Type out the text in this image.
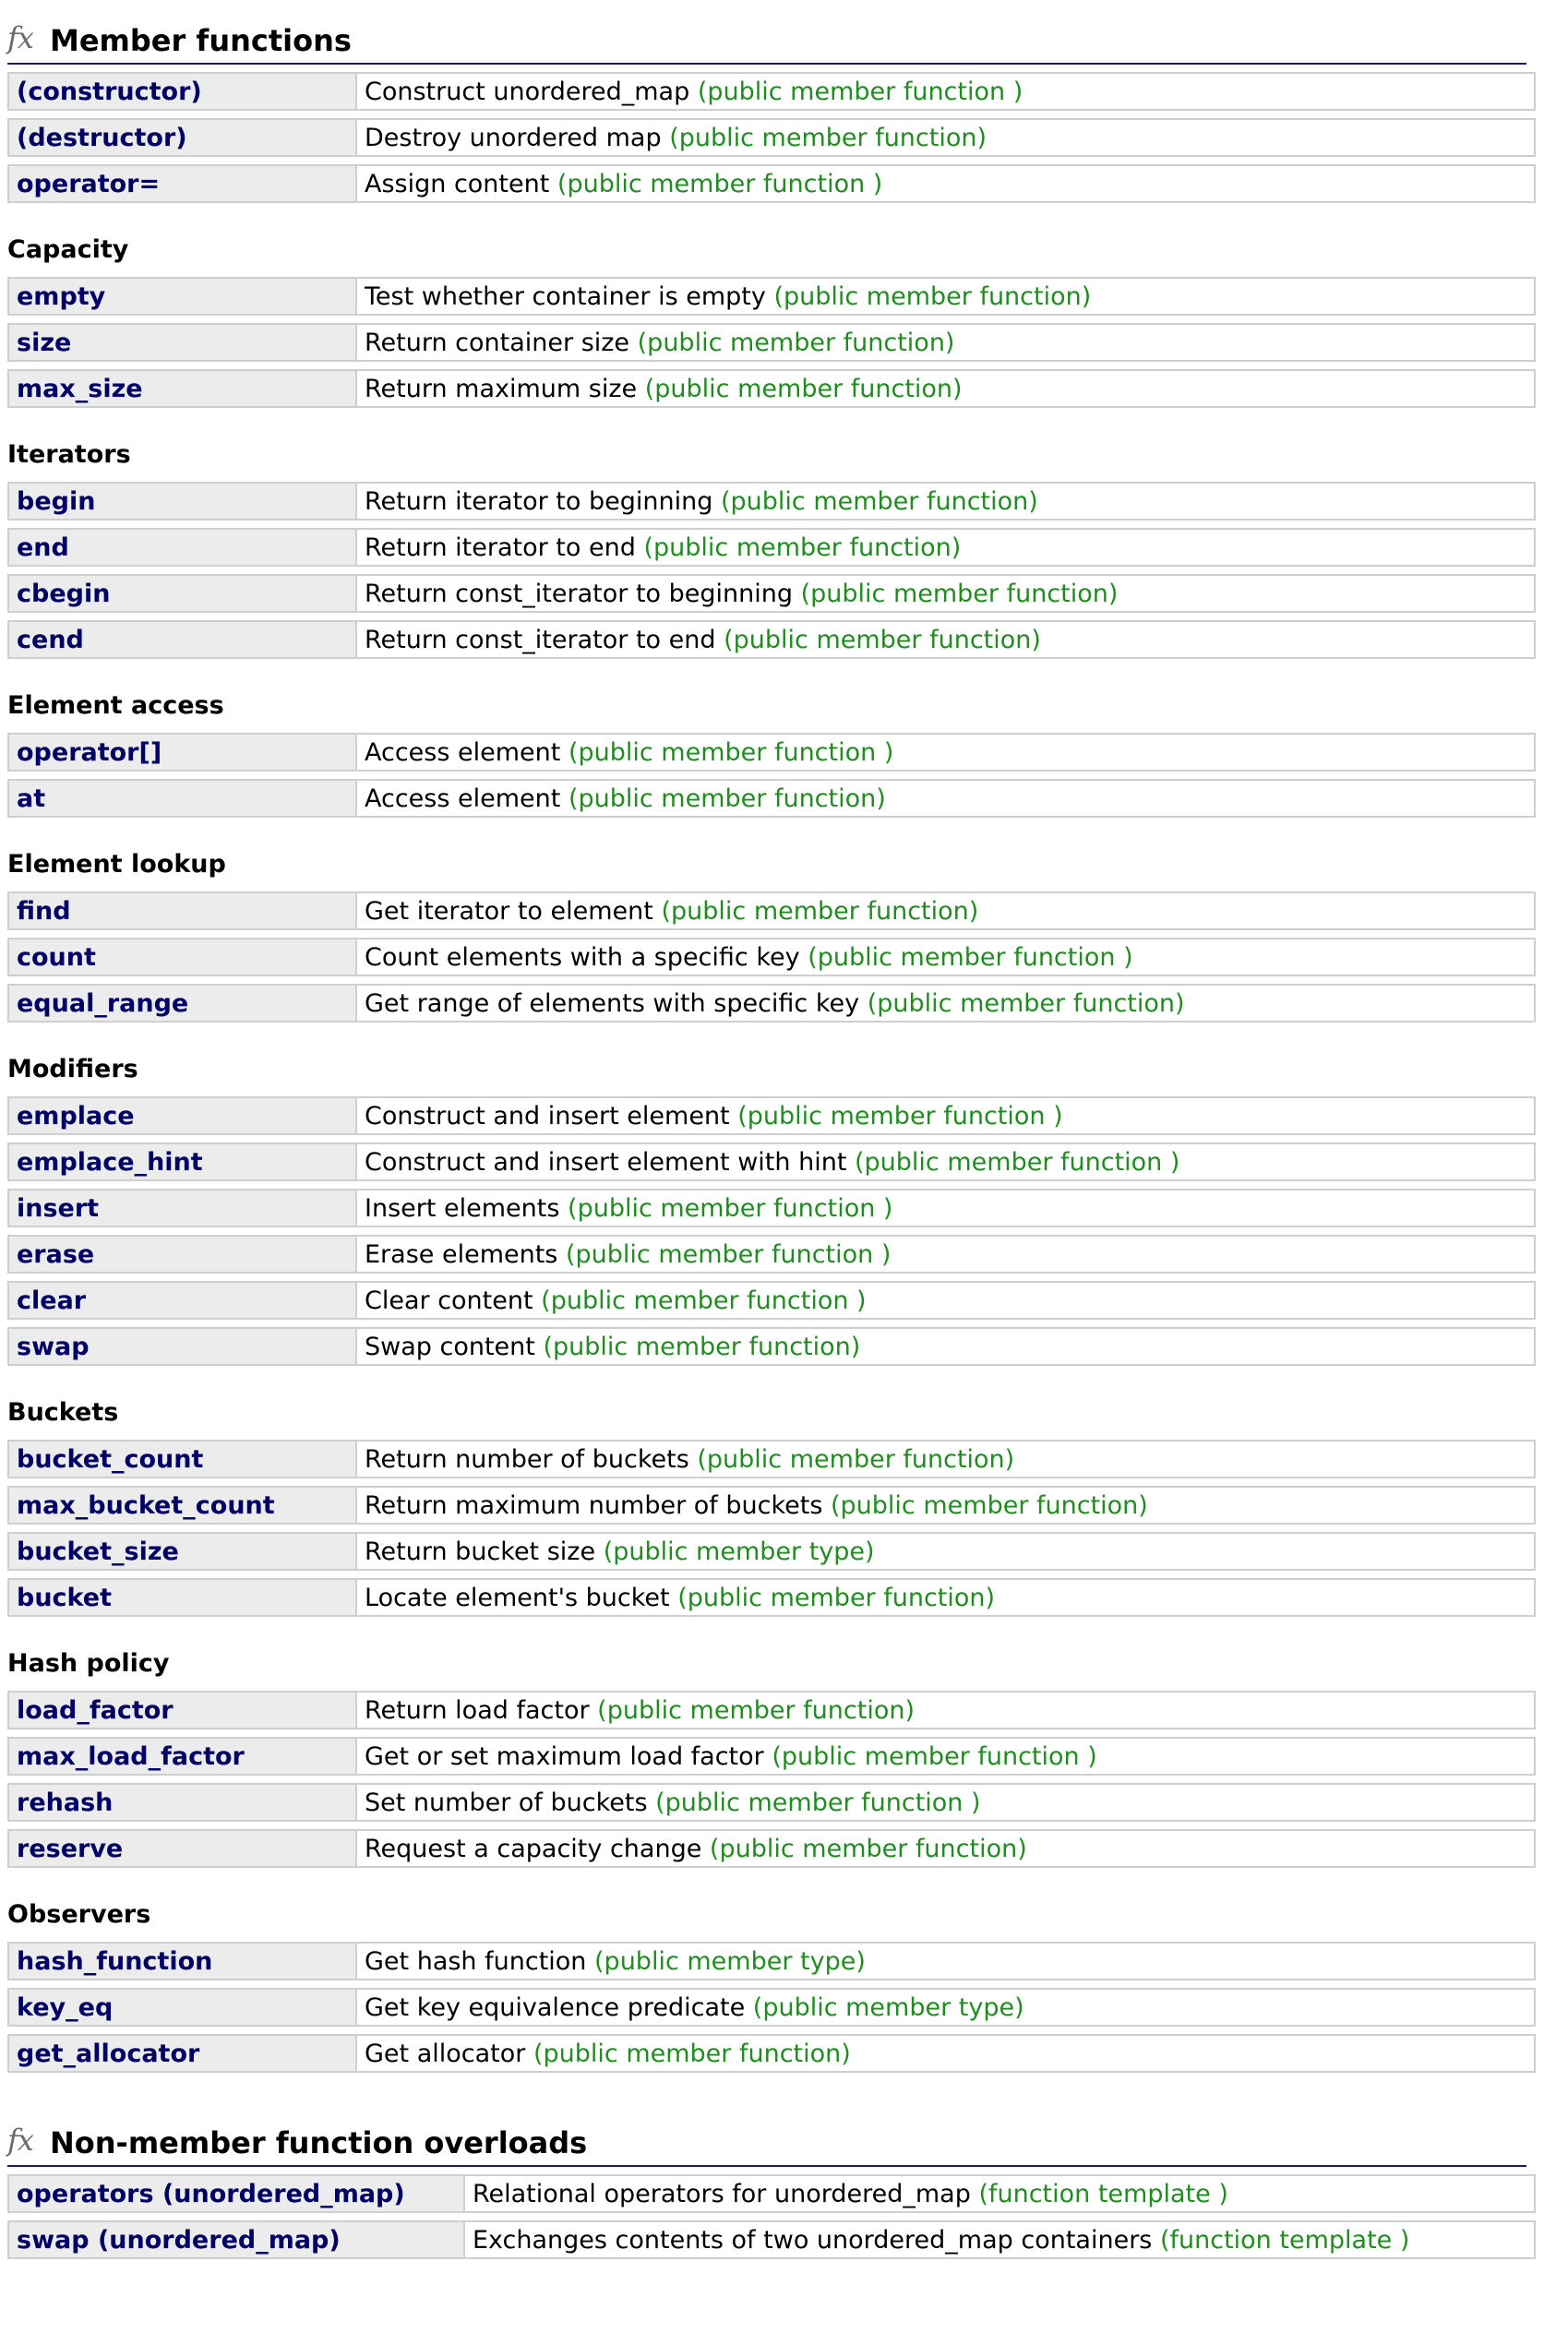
fx Member functions
(constructor)	Construct unordered_map (public member function )
(destructor)	Destroy unordered map (public member function)
operator=	Assign content (public member function )
Capacity
empty	Test whether container is empty (public member function)
size	Return container size (public member function)
max_size	Return maximum size (public member function)
Iterators
begin	Return iterator to beginning (public member function)
end	Return iterator to end (public member function)
cbegin	Return const_iterator to beginning (public member function)
cend	Return const_iterator to end (public member function)
Element access
operator[]	Access element (public member function )
at	Access element (public member function)
Element lookup
find	Get iterator to element (public member function)
count	Count elements with a specific key (public member function )
equal_range	Get range of elements with specific key (public member function)
Modifiers
emplace	Construct and insert element (public member function )
emplace_hint	Construct and insert element with hint (public member function )
insert	Insert elements (public member function )
erase	Erase elements (public member function )
clear	Clear content (public member function )
swap	Swap content (public member function)
Buckets
bucket_count	Return number of buckets (public member function)
max_bucket_count	Return maximum number of buckets (public member function)
bucket_size	Return bucket size (public member type)
bucket	Locate element's bucket (public member function)
Hash policy
load_factor	Return load factor (public member function)
max_load_factor	Get or set maximum load factor (public member function )
rehash	Set number of buckets (public member function )
reserve	Request a capacity change (public member function)
Observers
hash_function	Get hash function (public member type)
key_eq	Get key equivalence predicate (public member type)
get_allocator	Get allocator (public member function)
fx Non-member function overloads
operators (unordered_map)	Relational operators for unordered_map (function template )
swap (unordered_map)	Exchanges contents of two unordered_map containers (function template )
